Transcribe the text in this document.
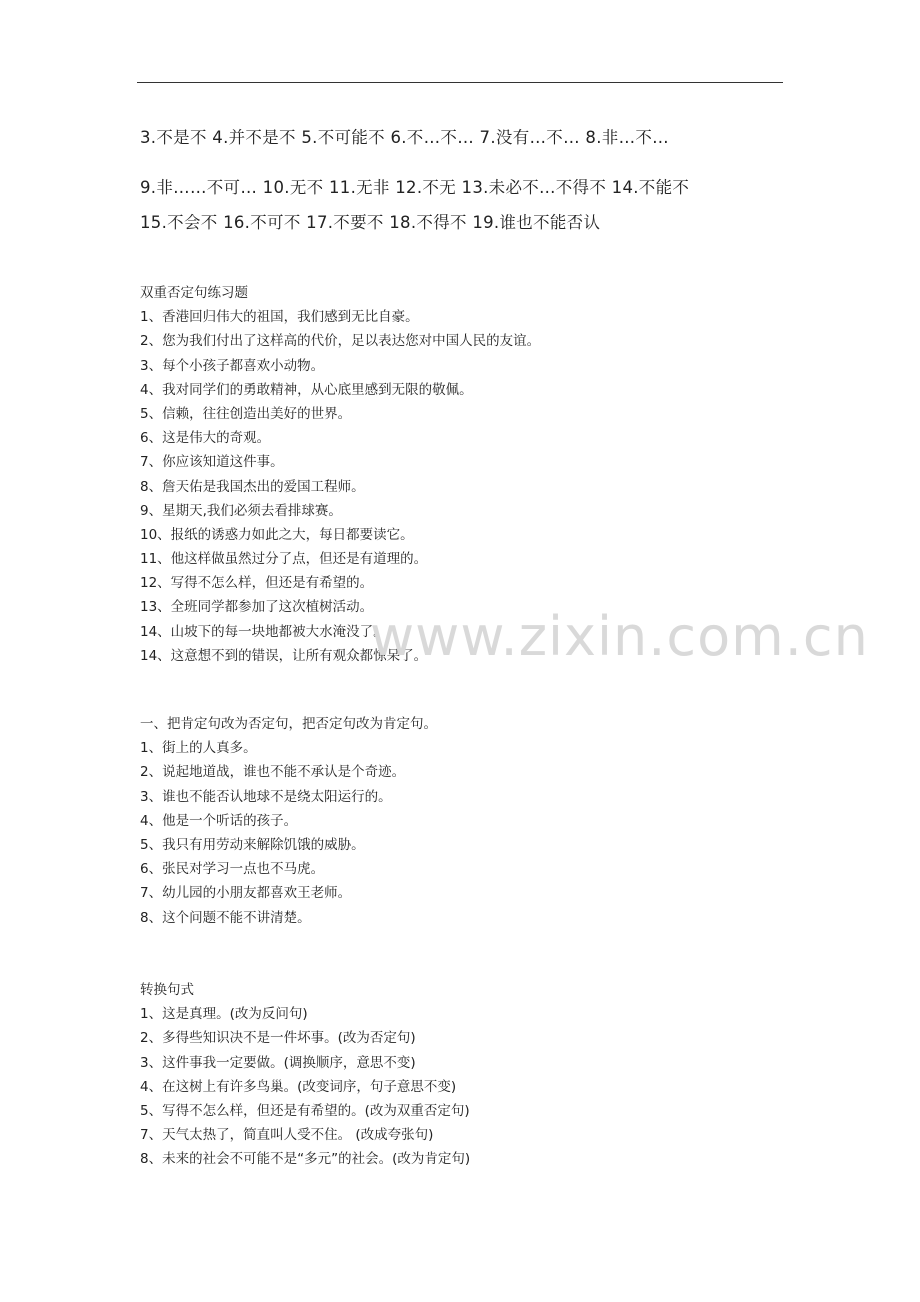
3.不是不 4.并不是不 5.不可能不 6.不…不… 7.没有…不… 8.非…不…
9.非……不可… 10.无不 11.无非 12.不无 13.未必不...不得不 14.不能不
15.不会不 16.不可不 17.不要不 18.不得不 19.谁也不能否认
双重否定句练习题
1、香港回归伟大的祖国，我们感到无比自豪。
2、您为我们付出了这样高的代价，足以表达您对中国人民的友谊。
3、每个小孩子都喜欢小动物。
4、我对同学们的勇敢精神，从心底里感到无限的敬佩。
5、信赖，往往创造出美好的世界。
6、这是伟大的奇观。
7、你应该知道这件事。
8、詹天佑是我国杰出的爱国工程师。
9、星期天,我们必须去看排球赛。
10、报纸的诱惑力如此之大，每日都要读它。
11、他这样做虽然过分了点，但还是有道理的。
12、写得不怎么样，但还是有希望的。
13、全班同学都参加了这次植树活动。
14、山坡下的每一块地都被大水淹没了。
14、这意想不到的错误，让所有观众都惊呆了。
一、把肯定句改为否定句，把否定句改为肯定句。
1、街上的人真多。
2、说起地道战，谁也不能不承认是个奇迹。
3、谁也不能否认地球不是绕太阳运行的。
4、他是一个听话的孩子。
5、我只有用劳动来解除饥饿的威胁。
6、张民对学习一点也不马虎。
7、幼儿园的小朋友都喜欢王老师。
8、这个问题不能不讲清楚。
转换句式
1、这是真理。(改为反问句)
2、多得些知识决不是一件坏事。(改为否定句)
3、这件事我一定要做。(调换顺序，意思不变)
4、在这树上有许多鸟巢。(改变词序，句子意思不变)
5、写得不怎么样，但还是有希望的。(改为双重否定句)
7、天气太热了，简直叫人受不住。 (改成夸张句)
8、未来的社会不可能不是“多元”的社会。(改为肯定句)
www.zixin.com.cn
